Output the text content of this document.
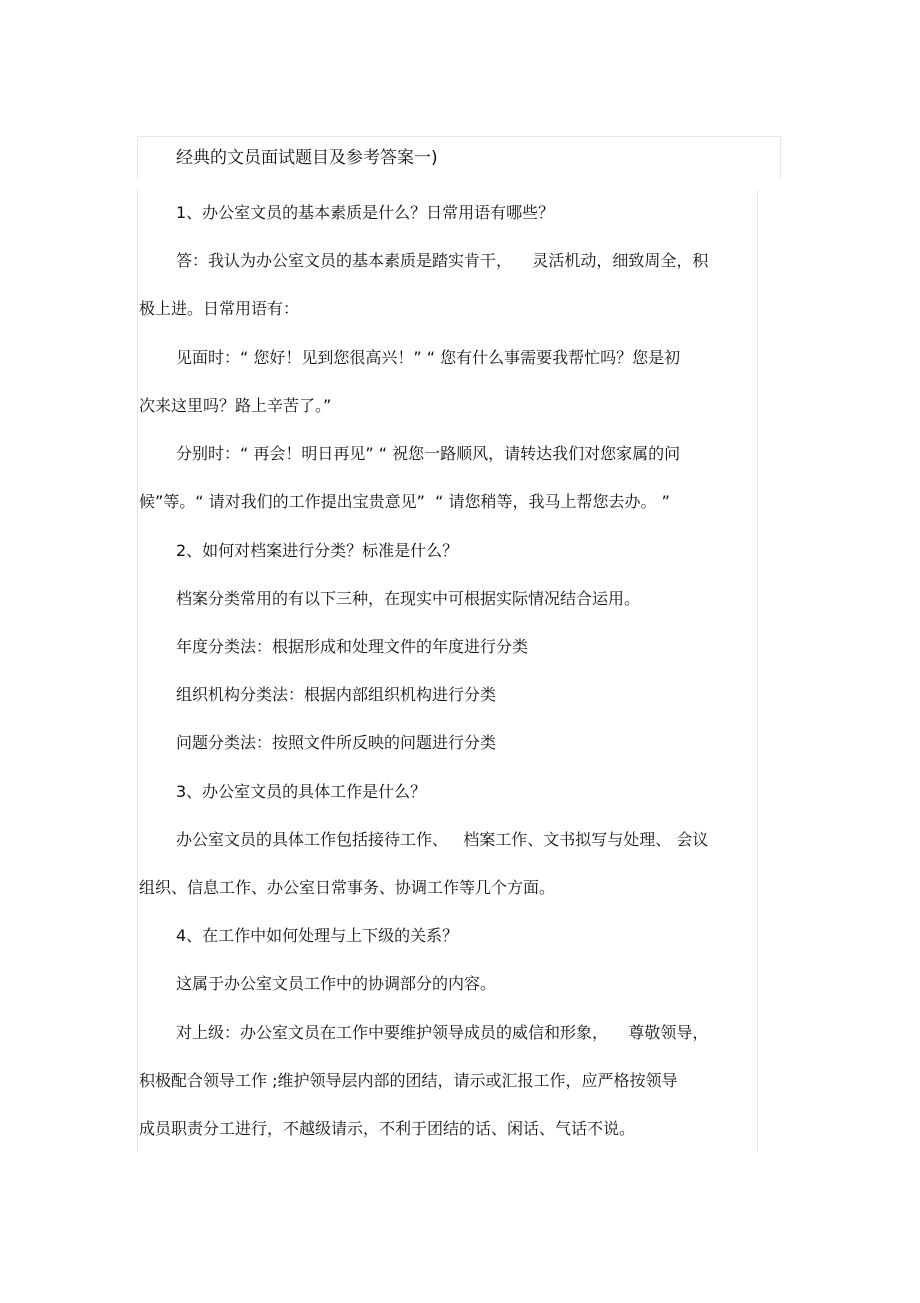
经典的文员面试题目及参考答案一)

1、办公室文员的基本素质是什么？日常用语有哪些？

答：我认为办公室文员的基本素质是踏实肯干，    灵活机动，细致周全，积

极上进。日常用语有：

见面时：“ 您好！见到您很高兴！” “ 您有什么事需要我帮忙吗？您是初

次来这里吗？路上辛苦了。”

分别时：“ 再会！明日再见” “ 祝您一路顺风，请转达我们对您家属的问

候”等。“ 请对我们的工作提出宝贵意见”  “ 请您稍等，我马上帮您去办。 ”

2、如何对档案进行分类？标准是什么？

档案分类常用的有以下三种，在现实中可根据实际情况结合运用。

年度分类法：根据形成和处理文件的年度进行分类

组织机构分类法：根据内部组织机构进行分类

问题分类法：按照文件所反映的问题进行分类

3、办公室文员的具体工作是什么？

办公室文员的具体工作包括接待工作、   档案工作、文书拟写与处理、 会议

组织、信息工作、办公室日常事务、协调工作等几个方面。

4、在工作中如何处理与上下级的关系？

这属于办公室文员工作中的协调部分的内容。

对上级：办公室文员在工作中要维护领导成员的威信和形象，    尊敬领导，

积极配合领导工作 ;维护领导层内部的团结，请示或汇报工作，应严格按领导

成员职责分工进行，不越级请示，不利于团结的话、闲话、气话不说。
